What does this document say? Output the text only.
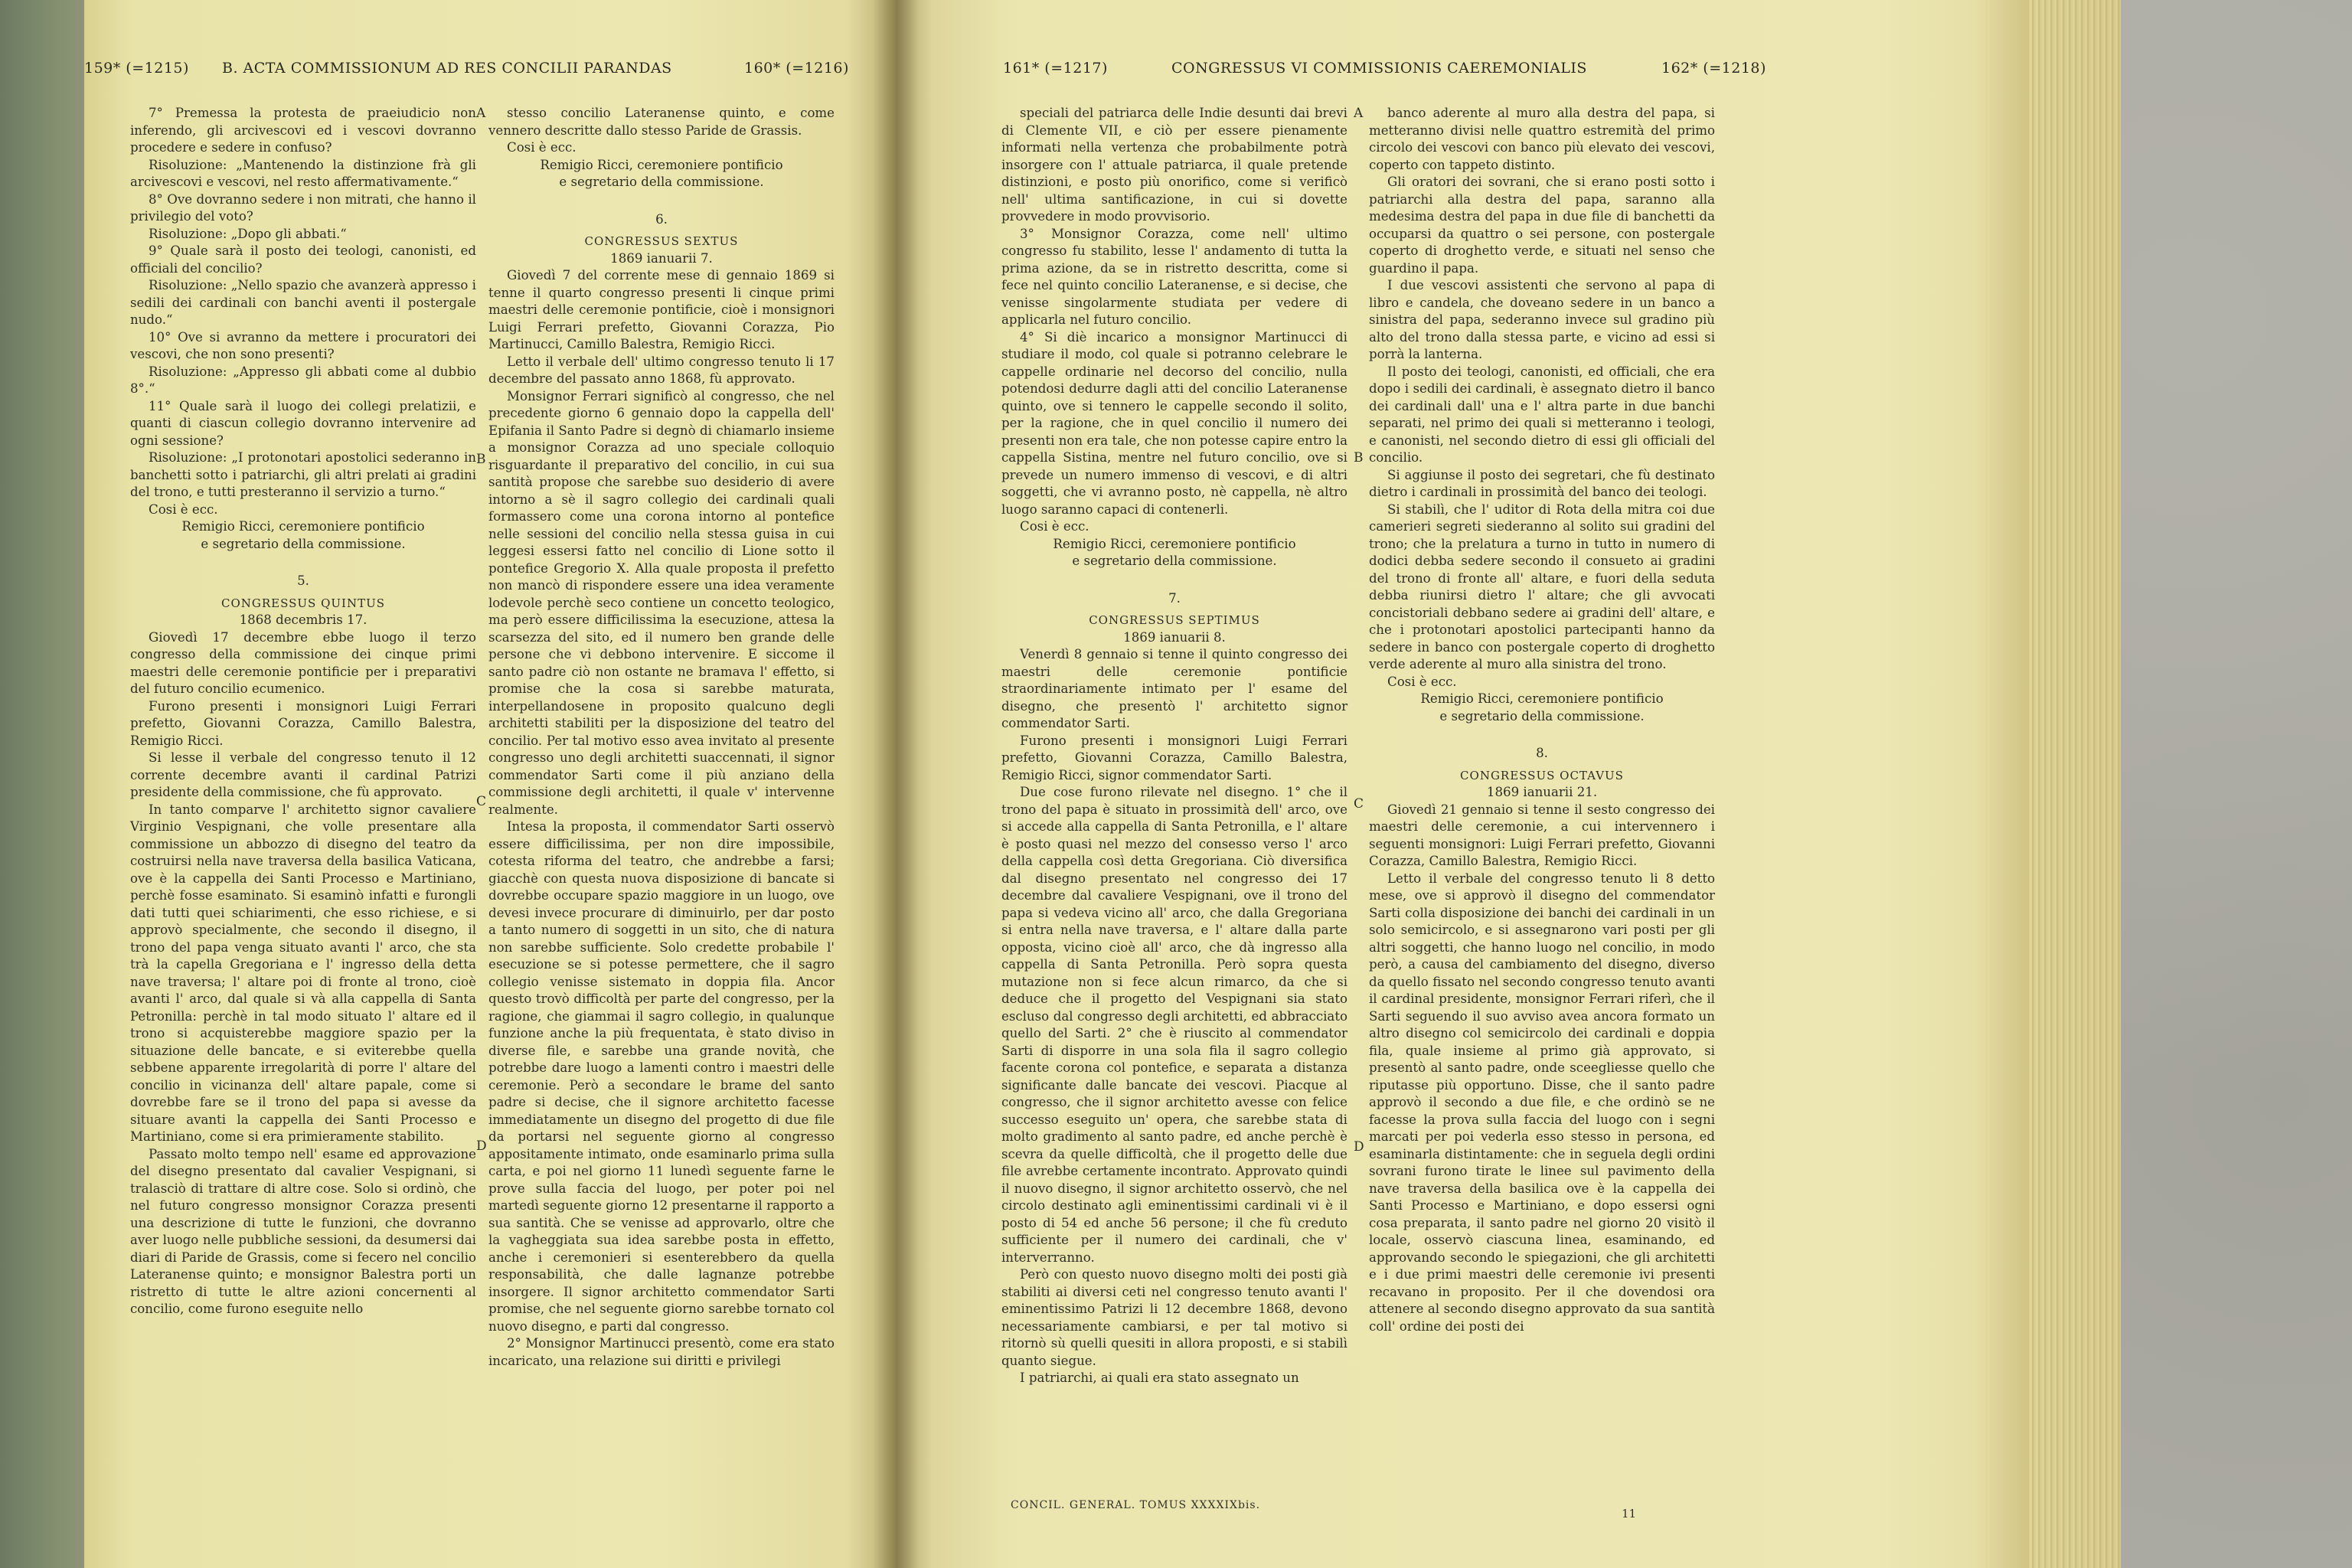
159* (=1215) B. ACTA COMMISSIONUM AD RES CONCILII PARANDAS	160* (=1216)

7° Premessa la protesta de praeiudicio non inferendo, gli arcivescovi ed i vescovi dovranno procedere e sedere in confuso?

Risoluzione: „Mantenendo la distinzione frà gli arcivescovi e vescovi, nel resto affermativamente.“

8° Ove dovranno sedere i non mitrati, che hanno il privilegio del voto?

Risoluzione: „Dopo gli abbati.“

9° Quale sarà il posto dei teologi, canonisti, ed officiali del concilio?

Risoluzione: „Nello spazio che avanzerà appresso i sedili dei cardinali con banchi aventi il postergale nudo.“

10° Ove si avranno da mettere i procuratori dei vescovi, che non sono presenti?

Risoluzione: „Appresso gli abbati come al dubbio 8°.“

11° Quale sarà il luogo dei collegi prelatizii, e quanti di ciascun collegio dovranno intervenire ad ogni sessione?

Risoluzione: „I protonotari apostolici sederanno in banchetti sotto i patriarchi, gli altri prelati ai gradini del trono, e tutti presteranno il servizio a turno.“

Cosi è ecc.

Remigio Ricci, ceremoniere pontificio

e segretario della commissione.

5.

CONGRESSUS QUINTUS

1868 decembris 17.

Giovedì 17 decembre ebbe luogo il terzo congresso della commissione dei cinque primi maestri delle ceremonie pontificie per i preparativi del futuro concilio ecumenico.

Furono presenti i monsignori Luigi Ferrari prefetto, Giovanni Corazza, Camillo Balestra, Remigio Ricci.

Si lesse il verbale del congresso tenuto il 12 corrente decembre avanti il cardinal Patrizi presidente della commissione, che fù approvato.

In tanto comparve l' architetto signor cavaliere Virginio Vespignani, che volle presentare alla commissione un abbozzo di disegno del teatro da costruirsi nella nave traversa della basilica Vaticana, ove è la cappella dei Santi Processo e Martiniano, perchè fosse esaminato. Si esaminò infatti e furongli dati tutti quei schiarimenti, che esso richiese, e si approvò specialmente, che secondo il disegno, il trono del papa venga situato avanti l' arco, che sta trà la capella Gregoriana e l' ingresso della detta nave traversa; l' altare poi di fronte al trono, cioè avanti l' arco, dal quale si và alla cappella di Santa Petronilla: perchè in tal modo situato l' altare ed il trono si acquisterebbe maggiore spazio per la situazione delle bancate, e si eviterebbe quella sebbene apparente irregolarità di porre l' altare del concilio in vicinanza dell' altare papale, come si dovrebbe fare se il trono del papa si avesse da situare avanti la cappella dei Santi Processo e Martiniano, come si era primieramente stabilito.

Passato molto tempo nell' esame ed approvazione del disegno presentato dal cavalier Vespignani, si tralasciò di trattare di altre cose. Solo si ordinò, che nel futuro congresso monsignor Corazza presenti una descrizione di tutte le funzioni, che dovranno aver luogo nelle pubbliche sessioni, da desumersi dai diari di Paride de Grassis, come si fecero nel concilio Lateranense quinto; e monsignor Balestra porti un ristretto di tutte le altre azioni concernenti al concilio, come furono eseguite nello

stesso concilio Lateranense quinto, e come vennero descritte dallo stesso Paride de Grassis.

Cosi è ecc.

Remigio Ricci, ceremoniere pontificio

e segretario della commissione.

6.

CONGRESSUS SEXTUS

1869 ianuarii 7.

Giovedì 7 del corrente mese di gennaio 1869 si tenne il quarto congresso presenti li cinque primi maestri delle ceremonie pontificie, cioè i monsignori Luigi Ferrari prefetto, Giovanni Corazza, Pio Martinucci, Camillo Balestra, Remigio Ricci.

Letto il verbale dell' ultimo congresso tenuto li 17 decembre del passato anno 1868, fù approvato.

Monsignor Ferrari significò al congresso, che nel precedente giorno 6 gennaio dopo la cappella dell' Epifania il Santo Padre si degnò di chiamarlo insieme a monsignor Corazza ad uno speciale colloquio risguardante il preparativo del concilio, in cui sua santità propose che sarebbe suo desiderio di avere intorno a sè il sagro collegio dei cardinali quali formassero come una corona intorno al pontefice nelle sessioni del concilio nella stessa guisa in cui leggesi essersi fatto nel concilio di Lione sotto il pontefice Gregorio X. Alla quale proposta il prefetto non mancò di rispondere essere una idea veramente lodevole perchè seco contiene un concetto teologico, ma però essere difficilissima la esecuzione, attesa la scarsezza del sito, ed il numero ben grande delle persone che vi debbono intervenire. E siccome il santo padre ciò non ostante ne bramava l' effetto, si promise che la cosa si sarebbe maturata, interpellandosene in proposito qualcuno degli architetti stabiliti per la disposizione del teatro del concilio. Per tal motivo esso avea invitato al presente congresso uno degli architetti suaccennati, il signor commendator Sarti come il più anziano della commissione degli architetti, il quale v' intervenne realmente.

Intesa la proposta, il commendator Sarti osservò essere difficilissima, per non dire impossibile, cotesta riforma del teatro, che andrebbe a farsi; giacchè con questa nuova disposizione di bancate si dovrebbe occupare spazio maggiore in un luogo, ove devesi invece procurare di diminuirlo, per dar posto a tanto numero di soggetti in un sito, che di natura non sarebbe sufficiente. Solo credette probabile l' esecuzione se si potesse permettere, che il sagro collegio venisse sistemato in doppia fila. Ancor questo trovò difficoltà per parte del congresso, per la ragione, che giammai il sagro collegio, in qualunque funzione anche la più frequentata, è stato diviso in diverse file, e sarebbe una grande novità, che potrebbe dare luogo a lamenti contro i maestri delle ceremonie. Però a secondare le brame del santo padre si decise, che il signore architetto facesse immediatamente un disegno del progetto di due file da portarsi nel seguente giorno al congresso appositamente intimato, onde esaminarlo prima sulla carta, e poi nel giorno 11 lunedì seguente farne le prove sulla faccia del luogo, per poter poi nel martedì seguente giorno 12 presentarne il rapporto a sua santità. Che se venisse ad approvarlo, oltre che la vagheggiata sua idea sarebbe posta in effetto, anche i ceremonieri si esenterebbero da quella responsabilità, che dalle lagnanze potrebbe insorgere. Il signor architetto commendator Sarti promise, che nel seguente giorno sarebbe tornato col nuovo disegno, e parti dal congresso.

2° Monsignor Martinucci presentò, come era stato incaricato, una relazione sui diritti e privilegi

A
B
C
D
161* (=1217)	CONGRESSUS VI COMMISSIONIS CAEREMONIALIS	162* (=1218)

speciali del patriarca delle Indie desunti dai brevi di Clemente VII, e ciò per essere pienamente informati nella vertenza che probabilmente potrà insorgere con l' attuale patriarca, il quale pretende distinzioni, e posto più onorifico, come si verificò nell' ultima santificazione, in cui si dovette provvedere in modo provvisorio.

3° Monsignor Corazza, come nell' ultimo congresso fu stabilito, lesse l' andamento di tutta la prima azione, da se in ristretto descritta, come si fece nel quinto concilio Lateranense, e si decise, che venisse singolarmente studiata per vedere di applicarla nel futuro concilio.

4° Si diè incarico a monsignor Martinucci di studiare il modo, col quale si potranno celebrare le cappelle ordinarie nel decorso del concilio, nulla potendosi dedurre dagli atti del concilio Lateranense quinto, ove si tennero le cappelle secondo il solito, per la ragione, che in quel concilio il numero dei presenti non era tale, che non potesse capire entro la cappella Sistina, mentre nel futuro concilio, ove si prevede un numero immenso di vescovi, e di altri soggetti, che vi avranno posto, nè cappella, nè altro luogo saranno capaci di contenerli.

Cosi è ecc.

Remigio Ricci, ceremoniere pontificio

e segretario della commissione.

7.

CONGRESSUS SEPTIMUS

1869 ianuarii 8.

Venerdì 8 gennaio si tenne il quinto congresso dei maestri delle ceremonie pontificie straordinariamente intimato per l' esame del disegno, che presentò l' architetto signor commendator Sarti.

Furono presenti i monsignori Luigi Ferrari prefetto, Giovanni Corazza, Camillo Balestra, Remigio Ricci, signor commendator Sarti.

Due cose furono rilevate nel disegno. 1° che il trono del papa è situato in prossimità dell' arco, ove si accede alla cappella di Santa Petronilla, e l' altare è posto quasi nel mezzo del consesso verso l' arco della cappella così detta Gregoriana. Ciò diversifica dal disegno presentato nel congresso dei 17 decembre dal cavaliere Vespignani, ove il trono del papa si vedeva vicino all' arco, che dalla Gregoriana si entra nella nave traversa, e l' altare dalla parte opposta, vicino cioè all' arco, che dà ingresso alla cappella di Santa Petronilla. Però sopra questa mutazione non si fece alcun rimarco, da che si deduce che il progetto del Vespignani sia stato escluso dal congresso degli architetti, ed abbracciato quello del Sarti. 2° che è riuscito al commendator Sarti di disporre in una sola fila il sagro collegio facente corona col pontefice, e separata a distanza significante dalle bancate dei vescovi. Piacque al congresso, che il signor architetto avesse con felice successo eseguito un' opera, che sarebbe stata di molto gradimento al santo padre, ed anche perchè è scevra da quelle difficoltà, che il progetto delle due file avrebbe certamente incontrato. Approvato quindi il nuovo disegno, il signor architetto osservò, che nel circolo destinato agli eminentissimi cardinali vi è il posto di 54 ed anche 56 persone; il che fù creduto sufficiente per il numero dei cardinali, che v' interverranno.

Però con questo nuovo disegno molti dei posti già stabiliti ai diversi ceti nel congresso tenuto avanti l' eminentissimo Patrizi li 12 decembre 1868, devono necessariamente cambiarsi, e per tal motivo si ritornò sù quelli quesiti in allora proposti, e si stabilì quanto siegue.

I patriarchi, ai quali era stato assegnato un

banco aderente al muro alla destra del papa, si metteranno divisi nelle quattro estremità del primo circolo dei vescovi con banco più elevato dei vescovi, coperto con tappeto distinto.

Gli oratori dei sovrani, che si erano posti sotto i patriarchi alla destra del papa, saranno alla medesima destra del papa in due file di banchetti da occuparsi da quattro o sei persone, con postergale coperto di droghetto verde, e situati nel senso che guardino il papa.

I due vescovi assistenti che servono al papa di libro e candela, che doveano sedere in un banco a sinistra del papa, sederanno invece sul gradino più alto del trono dalla stessa parte, e vicino ad essi si porrà la lanterna.

Il posto dei teologi, canonisti, ed officiali, che era dopo i sedili dei cardinali, è assegnato dietro il banco dei cardinali dall' una e l' altra parte in due banchi separati, nel primo dei quali si metteranno i teologi, e canonisti, nel secondo dietro di essi gli officiali del concilio.

Si aggiunse il posto dei segretari, che fù destinato dietro i cardinali in prossimità del banco dei teologi.

Si stabilì, che l' uditor di Rota della mitra coi due camerieri segreti siederanno al solito sui gradini del trono; che la prelatura a turno in tutto in numero di dodici debba sedere secondo il consueto ai gradini del trono di fronte all' altare, e fuori della seduta debba riunirsi dietro l' altare; che gli avvocati concistoriali debbano sedere ai gradini dell' altare, e che i protonotari apostolici partecipanti hanno da sedere in banco con postergale coperto di droghetto verde aderente al muro alla sinistra del trono.

Cosi è ecc.

Remigio Ricci, ceremoniere pontificio

e segretario della commissione.

8.

CONGRESSUS OCTAVUS

1869 ianuarii 21.

Giovedì 21 gennaio si tenne il sesto congresso dei maestri delle ceremonie, a cui intervennero i seguenti monsignori: Luigi Ferrari prefetto, Giovanni Corazza, Camillo Balestra, Remigio Ricci.

Letto il verbale del congresso tenuto li 8 detto mese, ove si approvò il disegno del commendator Sarti colla disposizione dei banchi dei cardinali in un solo semicircolo, e si assegnarono vari posti per gli altri soggetti, che hanno luogo nel concilio, in modo però, a causa del cambiamento del disegno, diverso da quello fissato nel secondo congresso tenuto avanti il cardinal presidente, monsignor Ferrari riferì, che il Sarti seguendo il suo avviso avea ancora formato un altro disegno col semicircolo dei cardinali e doppia fila, quale insieme al primo già approvato, si presentò al santo padre, onde sceegliesse quello che riputasse più opportuno. Disse, che il santo padre approvò il secondo a due file, e che ordinò se ne facesse la prova sulla faccia del luogo con i segni marcati per poi vederla esso stesso in persona, ed esaminarla distintamente: che in seguela degli ordini sovrani furono tirate le linee sul pavimento della nave traversa della basilica ove è la cappella dei Santi Processo e Martiniano, e dopo essersi ogni cosa preparata, il santo padre nel giorno 20 visitò il locale, osservò ciascuna linea, esaminando, ed approvando secondo le spiegazioni, che gli architetti e i due primi maestri delle ceremonie ivi presenti recavano in proposito. Per il che dovendosi ora attenere al secondo disegno approvato da sua santità coll' ordine dei posti dei

A
B
C
D
CONCIL. GENERAL. TOMUS XXXXIXbis.
11
